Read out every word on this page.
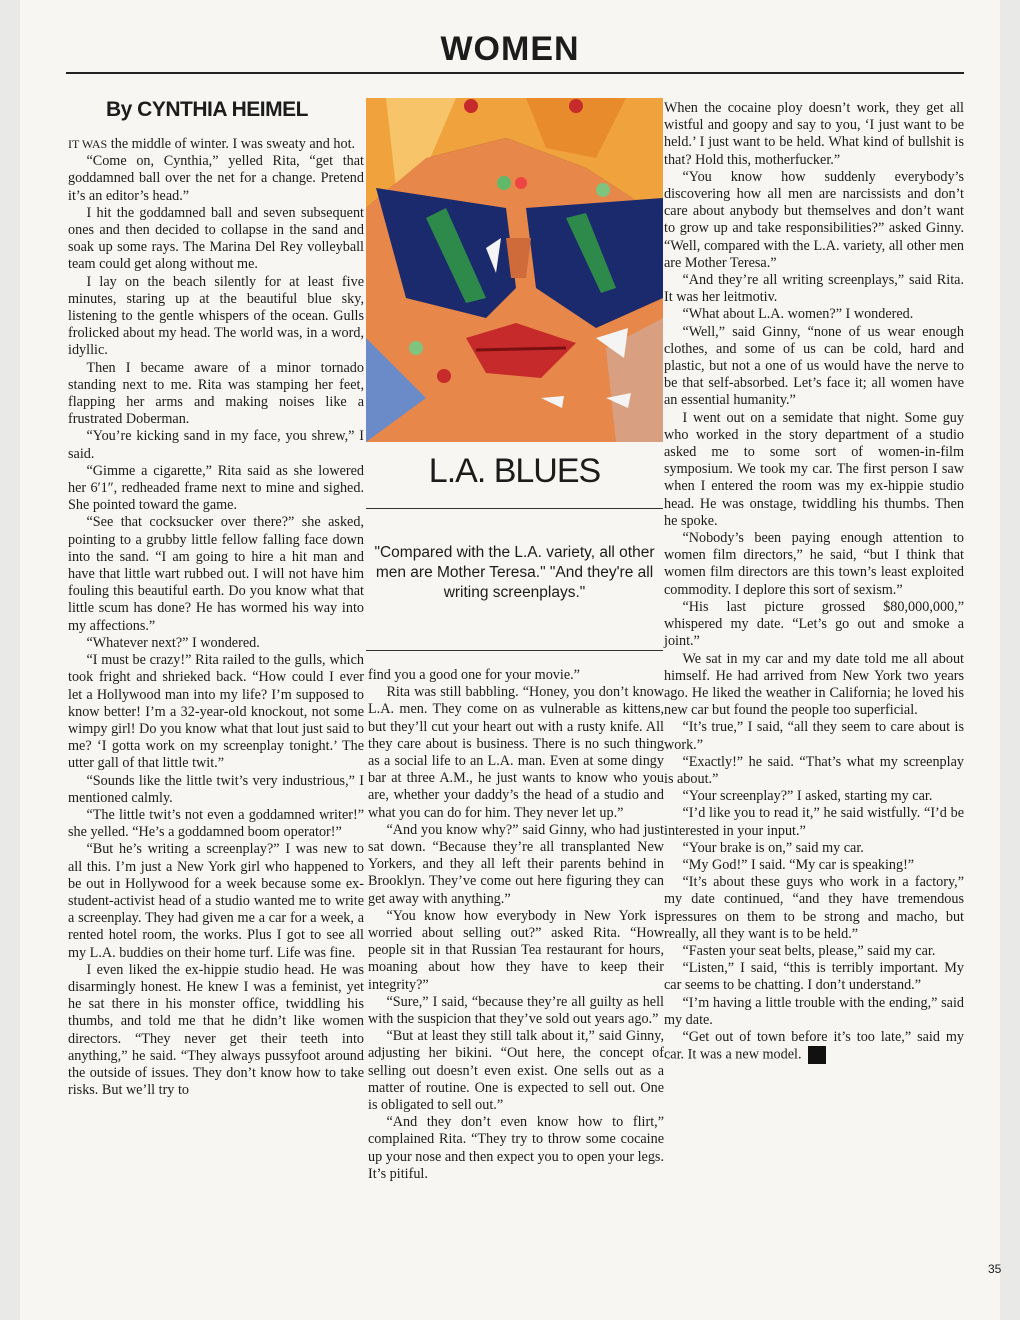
WOMEN
By CYNTHIA HEIMEL

IT WAS the middle of winter. I was sweaty and hot.

“Come on, Cynthia,” yelled Rita, “get that goddamned ball over the net for a change. Pretend it’s an editor’s head.”

I hit the goddamned ball and seven subsequent ones and then decided to collapse in the sand and soak up some rays. The Marina Del Rey volleyball team could get along without me.

I lay on the beach silently for at least five minutes, staring up at the beautiful blue sky, listening to the gentle whispers of the ocean. Gulls frolicked about my head. The world was, in a word, idyllic.

Then I became aware of a minor tornado standing next to me. Rita was stamping her feet, flapping her arms and making noises like a frustrated Doberman.

“You’re kicking sand in my face, you shrew,” I said.

“Gimme a cigarette,” Rita said as she lowered her 6′1″, redheaded frame next to mine and sighed. She pointed toward the game.

“See that cocksucker over there?” she asked, pointing to a grubby little fellow falling face down into the sand. “I am going to hire a hit man and have that little wart rubbed out. I will not have him fouling this beautiful earth. Do you know what that little scum has done? He has wormed his way into my affections.”

“Whatever next?” I wondered.

“I must be crazy!” Rita railed to the gulls, which took fright and shrieked back. “How could I ever let a Hollywood man into my life? I’m supposed to know better! I’m a 32-year-old knockout, not some wimpy girl! Do you know what that lout just said to me? ‘I gotta work on my screenplay tonight.’ The utter gall of that little twit.”

“Sounds like the little twit’s very industrious,” I mentioned calmly.

“The little twit’s not even a goddamned writer!” she yelled. “He’s a goddamned boom operator!”

“But he’s writing a screenplay?” I was new to all this. I’m just a New York girl who happened to be out in Hollywood for a week because some ex-student-activist head of a studio wanted me to write a screenplay. They had given me a car for a week, a rented hotel room, the works. Plus I got to see all my L.A. buddies on their home turf. Life was fine.

I even liked the ex-hippie studio head. He was disarmingly honest. He knew I was a feminist, yet he sat there in his monster office, twiddling his thumbs, and told me that he didn’t like women directors. “They never get their teeth into anything,” he said. “They always pussyfoot around the outside of issues. They don’t know how to take risks. But we’ll try to

L.A. BLUES

"Compared with the L.A. variety, all other men are Mother Teresa." "And they're all writing screenplays."

find you a good one for your movie.”

Rita was still babbling. “Honey, you don’t know L.A. men. They come on as vulnerable as kittens, but they’ll cut your heart out with a rusty knife. All they care about is business. There is no such thing as a social life to an L.A. man. Even at some dingy bar at three A.M., he just wants to know who you are, whether your daddy’s the head of a studio and what you can do for him. They never let up.”

“And you know why?” said Ginny, who had just sat down. “Because they’re all transplanted New Yorkers, and they all left their parents behind in Brooklyn. They’ve come out here figuring they can get away with anything.”

“You know how everybody in New York is worried about selling out?” asked Rita. “How people sit in that Russian Tea restaurant for hours, moaning about how they have to keep their integrity?”

“Sure,” I said, “because they’re all guilty as hell with the suspicion that they’ve sold out years ago.”

“But at least they still talk about it,” said Ginny, adjusting her bikini. “Out here, the concept of selling out doesn’t even exist. One sells out as a matter of routine. One is expected to sell out. One is obligated to sell out.”

“And they don’t even know how to flirt,” complained Rita. “They try to throw some cocaine up your nose and then expect you to open your legs. It’s pitiful.

When the cocaine ploy doesn’t work, they get all wistful and goopy and say to you, ‘I just want to be held.’ I just want to be held. What kind of bullshit is that? Hold this, motherfucker.”

“You know how suddenly everybody’s discovering how all men are narcissists and don’t care about anybody but themselves and don’t want to grow up and take responsibilities?” asked Ginny. “Well, compared with the L.A. variety, all other men are Mother Teresa.”

“And they’re all writing screenplays,” said Rita. It was her leitmotiv.

“What about L.A. women?” I wondered.

“Well,” said Ginny, “none of us wear enough clothes, and some of us can be cold, hard and plastic, but not a one of us would have the nerve to be that self-absorbed. Let’s face it; all women have an essential humanity.”

I went out on a semidate that night. Some guy who worked in the story department of a studio asked me to some sort of women-in-film symposium. We took my car. The first person I saw when I entered the room was my ex-hippie studio head. He was onstage, twiddling his thumbs. Then he spoke.

“Nobody’s been paying enough attention to women film directors,” he said, “but I think that women film directors are this town’s least exploited commodity. I deplore this sort of sexism.”

“His last picture grossed $80,000,000,” whispered my date. “Let’s go out and smoke a joint.”

We sat in my car and my date told me all about himself. He had arrived from New York two years ago. He liked the weather in California; he loved his new car but found the people too superficial.

“It’s true,” I said, “all they seem to care about is work.”

“Exactly!” he said. “That’s what my screenplay is about.”

“Your screenplay?” I asked, starting my car.

“I’d like you to read it,” he said wistfully. “I’d be interested in your input.”

“Your brake is on,” said my car.

“My God!” I said. “My car is speaking!”

“It’s about these guys who work in a factory,” my date continued, “and they have tremendous pressures on them to be strong and macho, but really, all they want is to be held.”

“Fasten your seat belts, please,” said my car.

“Listen,” I said, “this is terribly important. My car seems to be chatting. I don’t understand.”

“I’m having a little trouble with the ending,” said my date.

“Get out of town before it’s too late,” said my car. It was a new model. ♦

35
